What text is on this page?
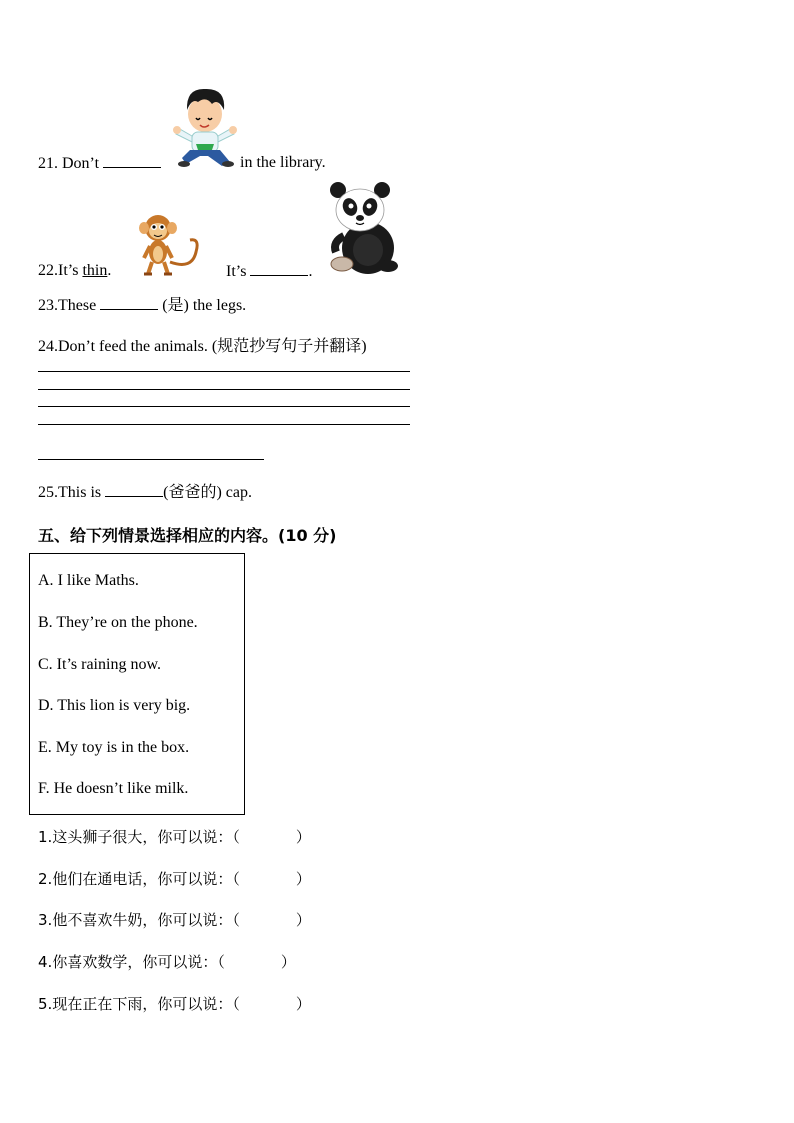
21. Don’t	in the library.
22.It’s thin.	It’s	.
23.These	(是) the legs.
24.Don’t feed the animals. (规范抄写句子并翻译)
25.This is	(爸爸的) cap.
五、给下列情景选择相应的内容。(10 分)
A. I like Maths.
B. They’re on the phone.
C. It’s raining now.
D. This lion is very big.
E. My toy is in the box.
F. He doesn’t like milk.
1.这头狮子很大，你可以说：（	）
2.他们在通电话，你可以说：（	）
3.他不喜欢牛奶，你可以说：（	）
4.你喜欢数学，你可以说：（	）
5.现在正在下雨，你可以说：（	）
